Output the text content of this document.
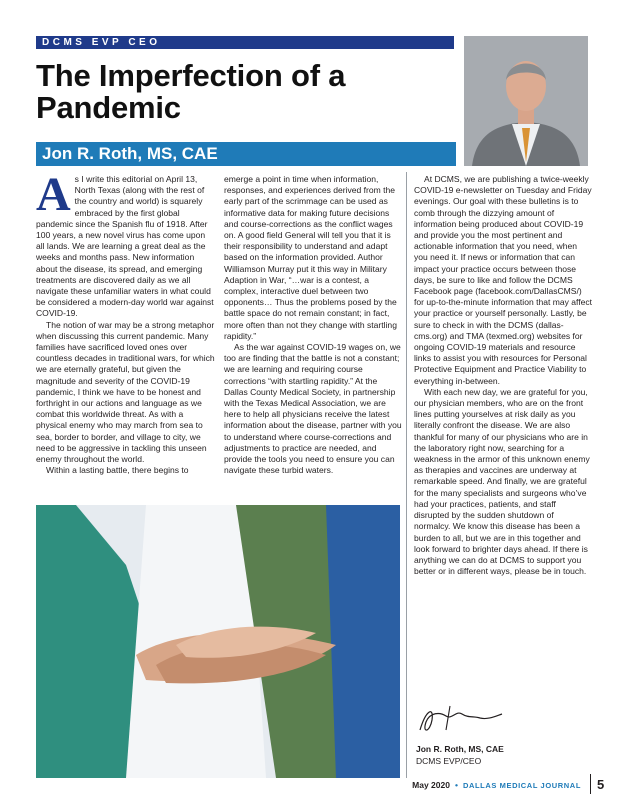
DCMS EVP CEO
The Imperfection of a Pandemic
Jon R. Roth, MS, CAE

As I write this editorial on April 13, North Texas (along with the rest of the country and world) is squarely embraced by the first global pandemic since the Spanish flu of 1918. After 100 years, a new novel virus has come upon all lands. We are learning a great deal as the weeks and months pass. New information about the disease, its spread, and emerging treatments are discovered daily as we all navigate these unfamiliar waters in what could be considered a modern-day world war against COVID-19.

The notion of war may be a strong metaphor when discussing this current pandemic. Many families have sacrificed loved ones over countless decades in traditional wars, for which we are eternally grateful, but given the magnitude and severity of the COVID-19 pandemic, I think we have to be honest and forthright in our actions and language as we combat this worldwide threat. As with a physical enemy who may march from sea to sea, border to border, and village to city, we need to be aggressive in tackling this unseen enemy throughout the world.

Within a lasting battle, there begins to

emerge a point in time when information, responses, and experiences derived from the early part of the scrimmage can be used as informative data for making future decisions and course-corrections as the conflict wages on. A good field General will tell you that it is their responsibility to understand and adapt based on the information provided. Author Williamson Murray put it this way in Military Adaption in War, “…war is a contest, a complex, interactive duel between two opponents… Thus the problems posed by the battle space do not remain constant; in fact, more often than not they change with startling rapidity.”

As the war against COVID-19 wages on, we too are finding that the battle is not a constant; we are learning and requiring course corrections “with startling rapidity.” At the Dallas County Medical Society, in partnership with the Texas Medical Association, we are here to help all physicians receive the latest information about the disease, partner with you to understand where course-corrections and adjustments to practice are needed, and provide the tools you need to ensure you can navigate these turbid waters.

At DCMS, we are publishing a twice-weekly COVID-19 e-newsletter on Tuesday and Friday evenings. Our goal with these bulletins is to comb through the dizzying amount of information being produced about COVID-19 and provide you the most pertinent and actionable information that you need, when you need it. If news or information that can impact your practice occurs between those days, be sure to like and follow the DCMS Facebook page (facebook.com/DallasCMS/) for up-to-the-minute information that may affect your practice or yourself personally. Lastly, be sure to check in with the DCMS (dallas-cms.org) and TMA (texmed.org) websites for ongoing COVID-19 materials and resource links to assist you with resources for Personal Protective Equipment and Practice Viability to everything in-between.

With each new day, we are grateful for you, our physician members, who are on the front lines putting yourselves at risk daily as you literally confront the disease. We are also thankful for many of our physicians who are in the laboratory right now, searching for a weakness in the armor of this unknown enemy as therapies and vaccines are underway at remarkable speed. And finally, we are grateful for the many specialists and surgeons who’ve had your practices, patients, and staff disrupted by the sudden shutdown of normalcy. We know this disease has been a burden to all, but we are in this together and look forward to brighter days ahead. If there is anything we can do at DCMS to support you better or in different ways, please be in touch.

Jon R. Roth, MS, CAE
DCMS EVP/CEO
May 2020 • DALLAS MEDICAL JOURNAL 5
